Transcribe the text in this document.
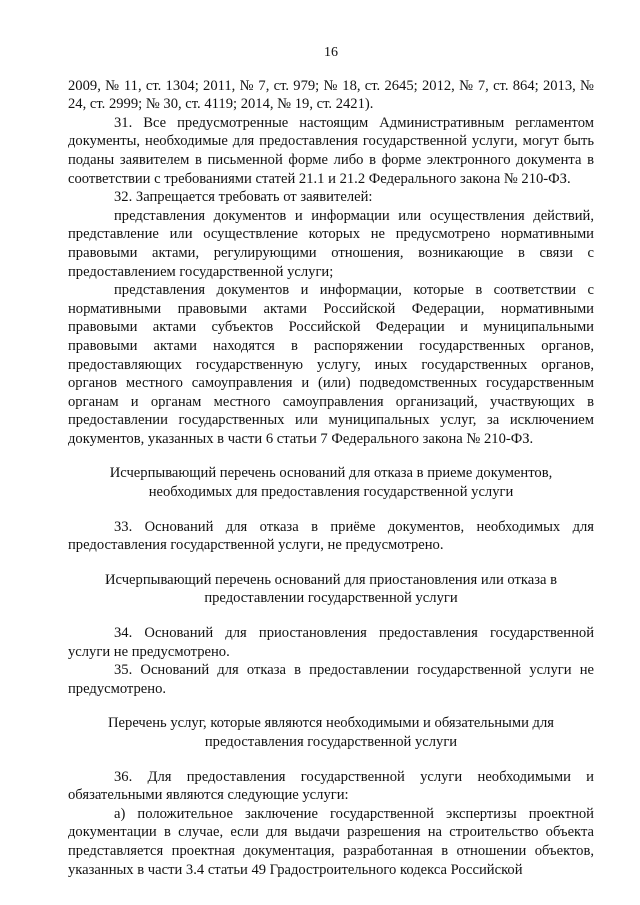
16

2009, № 11, ст. 1304; 2011, № 7, ст. 979; № 18, ст. 2645; 2012, № 7, ст. 864; 2013, № 24, ст. 2999; № 30, ст. 4119; 2014, № 19, ст. 2421).

31. Все предусмотренные настоящим Административным регламентом документы, необходимые для предоставления государственной услуги, могут быть поданы заявителем в письменной форме либо в форме электронного документа в соответствии с требованиями статей 21.1 и 21.2 Федерального закона № 210-ФЗ.

32. Запрещается требовать от заявителей:

представления документов и информации или осуществления действий, представление или осуществление которых не предусмотрено нормативными правовыми актами, регулирующими отношения, возникающие в связи с предоставлением государственной услуги;

представления документов и информации, которые в соответствии с нормативными правовыми актами Российской Федерации, нормативными правовыми актами субъектов Российской Федерации и муниципальными правовыми актами находятся в распоряжении государственных органов, предоставляющих государственную услугу, иных государственных органов, органов местного самоуправления и (или) подведомственных государственным органам и органам местного самоуправления организаций, участвующих в предоставлении государственных или муниципальных услуг, за исключением документов, указанных в части 6 статьи 7 Федерального закона № 210-ФЗ.

Исчерпывающий перечень оснований для отказа в приеме документов, необходимых для предоставления государственной услуги

33. Оснований для отказа в приёме документов, необходимых для предоставления государственной услуги, не предусмотрено.

Исчерпывающий перечень оснований для приостановления или отказа в предоставлении государственной услуги

34. Оснований для приостановления предоставления государственной услуги не предусмотрено.

35. Оснований для отказа в предоставлении государственной услуги не предусмотрено.

Перечень услуг, которые являются необходимыми и обязательными для предоставления государственной услуги

36. Для предоставления государственной услуги необходимыми и обязательными являются следующие услуги:

а) положительное заключение государственной экспертизы проектной документации в случае, если для выдачи разрешения на строительство объекта представляется проектная документация, разработанная в отношении объектов, указанных в части 3.4 статьи 49 Градостроительного кодекса Российской
